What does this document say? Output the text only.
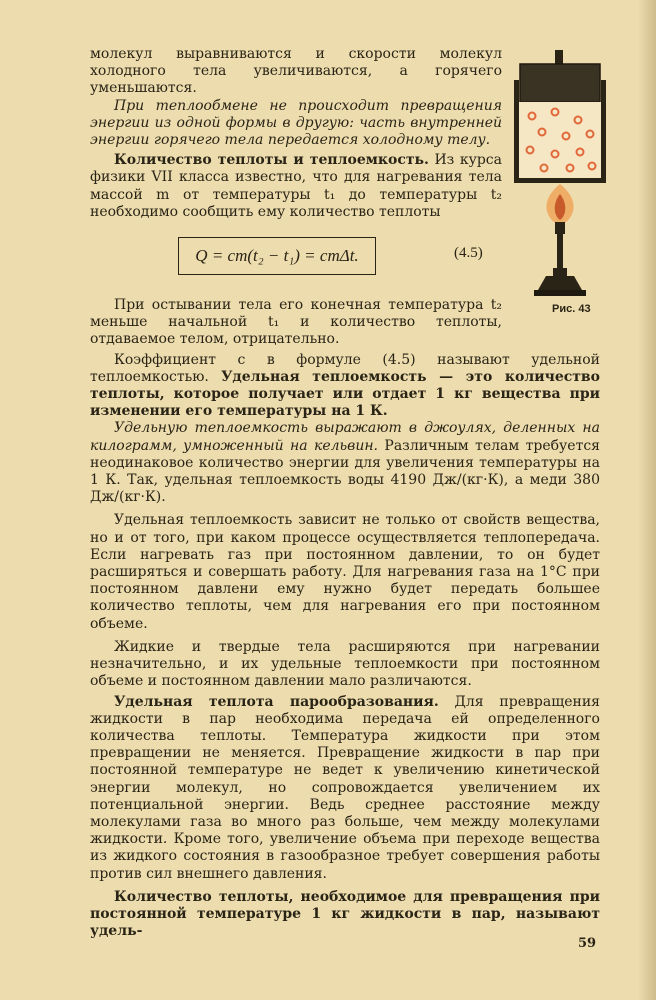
молекул выравниваются и скорости молекул холодного тела увеличиваются, а горячего уменьшаются.

При теплообмене не происходит превращения энергии из одной формы в другую: часть внутренней энергии горячего тела передается холодному телу.

Количество теплоты и теплоемкость. Из курса физики VII класса известно, что для нагревания тела массой m от температуры t₁ до температуры t₂ необходимо сообщить ему количество теплоты

Q = cm(t₂ − t₁) = cmΔt.	(4.5)

При остывании тела его конечная температура t₂ меньше начальной t₁ и количество теплоты, отдаваемое телом, отрицательно.

Коэффициент c в формуле (4.5) называют удельной теплоемкостью. Удельная теплоемкость — это количество теплоты, которое получает или отдает 1 кг вещества при изменении его температуры на 1 К.

Удельную теплоемкость выражают в джоулях, деленных на килограмм, умноженный на кельвин. Различным телам требуется неодинаковое количество энергии для увеличения температуры на 1 К. Так, удельная теплоемкость воды 4190 Дж/(кг·К), а меди 380 Дж/(кг·К).

Удельная теплоемкость зависит не только от свойств вещества, но и от того, при каком процессе осуществляется теплопередача. Если нагревать газ при постоянном давлении, то он будет расширяться и совершать работу. Для нагревания газа на 1°С при постоянном давлени ему нужно будет передать большее количество теплоты, чем для нагревания его при постоянном объеме.

Жидкие и твердые тела расширяются при нагревании незначительно, и их удельные теплоемкости при постоянном объеме и постоянном давлении мало различаются.

Удельная теплота парообразования. Для превращения жидкости в пар необходима передача ей определенного количества теплоты. Температура жидкости при этом превращении не меняется. Превращение жидкости в пар при постоянной температуре не ведет к увеличению кинетической энергии молекул, но сопровождается увеличением их потенциальной энергии. Ведь среднее расстояние между молекулами газа во много раз больше, чем между молекулами жидкости. Кроме того, увеличение объема при переходе вещества из жидкого состояния в газообразное требует совершения работы против сил внешнего давления.

Количество теплоты, необходимое для превращения при постоянной температуре 1 кг жидкости в пар, называют удель-

Рис. 43
59
